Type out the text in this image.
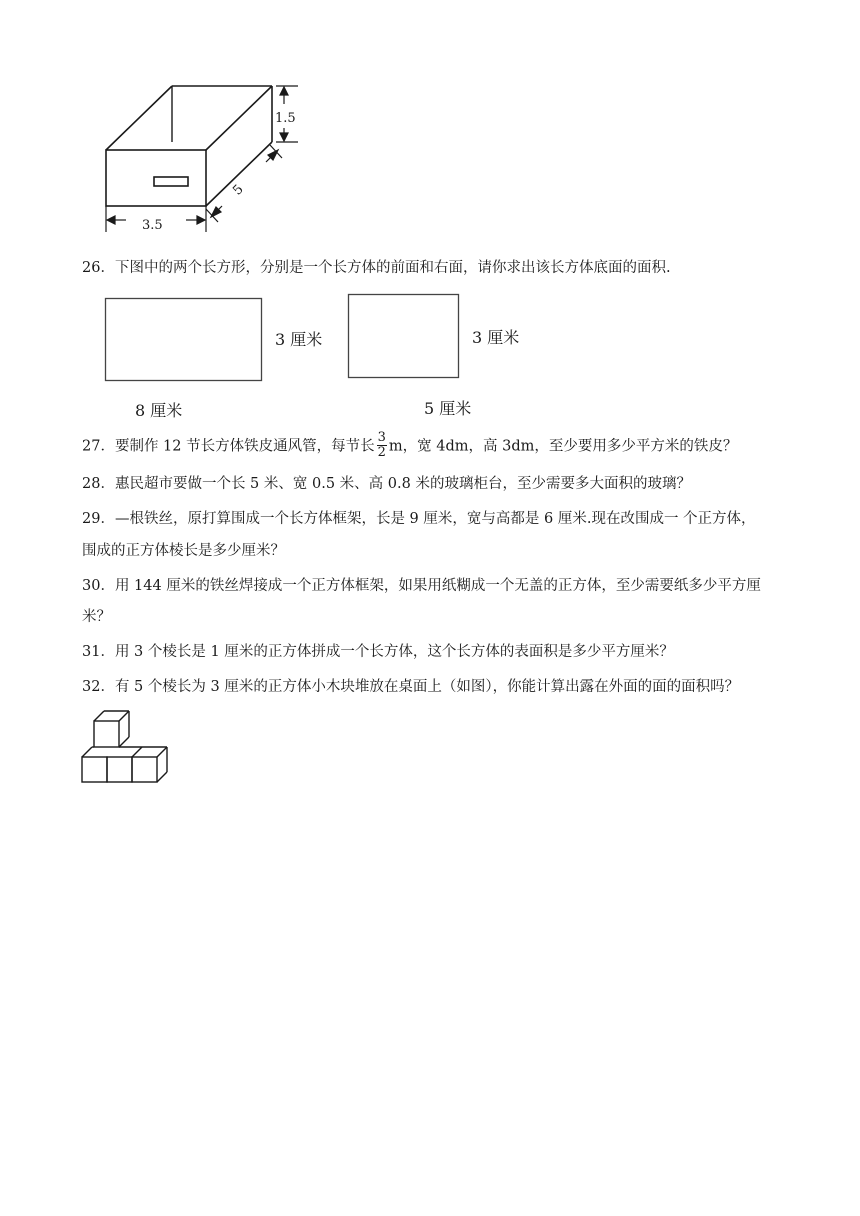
1.5
5
3.5
26．下图中的两个长方形，分别是一个长方体的前面和右面，请你求出该长方体底面的面积.
3 厘米
8 厘米
3 厘米
5 厘米
27．要制作 12 节长方体铁皮通风管，每节长 $\frac{3}{2}$ m，宽 4dm，高 3dm，至少要用多少平方米的铁皮？
28．惠民超市要做一个长 5 米、宽 0.5 米、高 0.8 米的玻璃柜台，至少需要多大面积的玻璃？
29．—根铁丝，原打算围成一个长方体框架，长是 9 厘米，宽与高都是 6 厘米.现在改围成一 个正方体，
围成的正方体棱长是多少厘米？
30．用 144 厘米的铁丝焊接成一个正方体框架，如果用纸糊成一个无盖的正方体，至少需要纸多少平方厘
米？
31．用 3 个棱长是 1 厘米的正方体拼成一个长方体，这个长方体的表面积是多少平方厘米？
32．有 5 个棱长为 3 厘米的正方体小木块堆放在桌面上（如图），你能计算出露在外面的面的面积吗？
